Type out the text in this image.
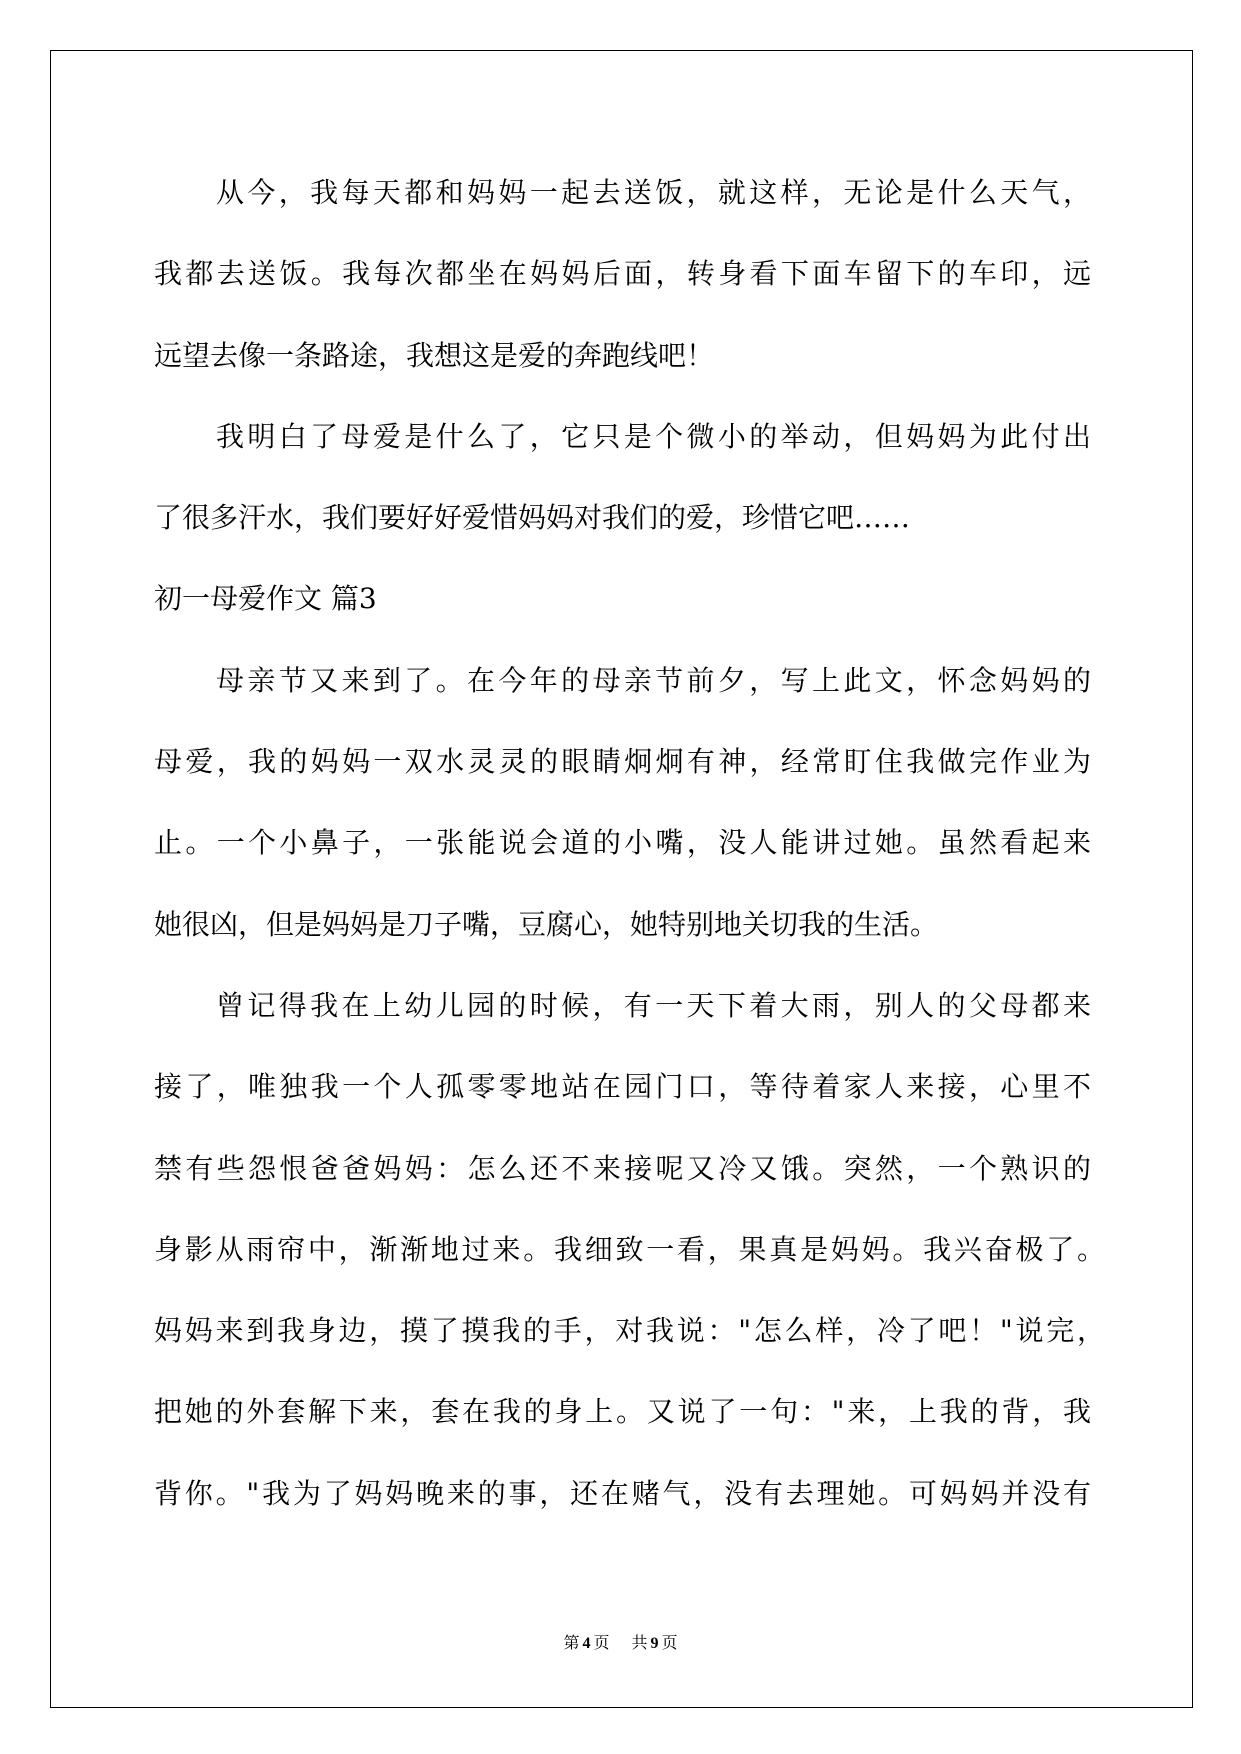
从今，我每天都和妈妈一起去送饭，就这样，无论是什么天气，
我都去送饭。我每次都坐在妈妈后面，转身看下面车留下的车印，远
远望去像一条路途，我想这是爱的奔跑线吧！
我明白了母爱是什么了，它只是个微小的举动，但妈妈为此付出
了很多汗水，我们要好好爱惜妈妈对我们的爱，珍惜它吧……
初一母爱作文 篇3
母亲节又来到了。在今年的母亲节前夕，写上此文，怀念妈妈的
母爱，我的妈妈一双水灵灵的眼睛炯炯有神，经常盯住我做完作业为
止。一个小鼻子，一张能说会道的小嘴，没人能讲过她。虽然看起来
她很凶，但是妈妈是刀子嘴，豆腐心，她特别地关切我的生活。
曾记得我在上幼儿园的时候，有一天下着大雨，别人的父母都来
接了，唯独我一个人孤零零地站在园门口，等待着家人来接，心里不
禁有些怨恨爸爸妈妈：怎么还不来接呢又冷又饿。突然，一个熟识的
身影从雨帘中，渐渐地过来。我细致一看，果真是妈妈。我兴奋极了。
妈妈来到我身边，摸了摸我的手，对我说："怎么样，冷了吧！"说完，
把她的外套解下来，套在我的身上。又说了一句："来，上我的背，我
背你。"我为了妈妈晚来的事，还在赌气，没有去理她。可妈妈并没有
第 4 页 共 9 页
